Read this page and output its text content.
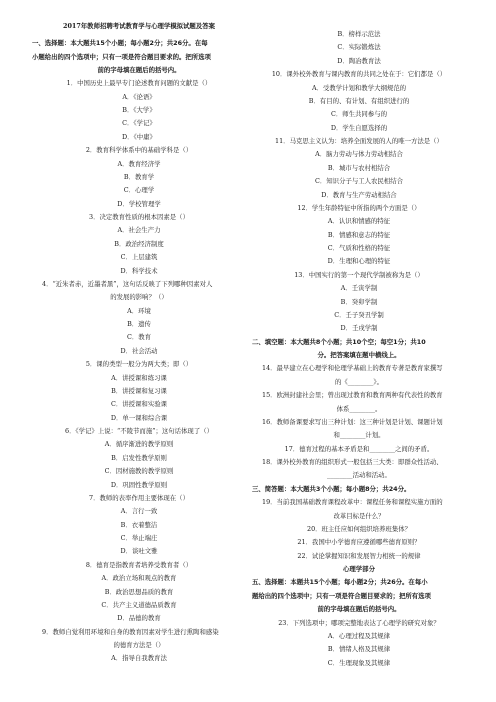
2017年教师招聘考试教育学与心理学模拟试题及答案
一、选择题：本大题共15个小题；每小题2分；共26分。在每
小题给出的四个选项中；只有一项是符合题目要求的。把所选项
前的字母填在题后的括号内。
1．中国历史上最早专门论述教育问题的文献是（）
A．《论语》
B．《大学》
C．《学记》
D．《中庸》
2．教育科学体系中的基础学科是（）
A．教育经济学
B．教育学
C．心理学
D．学校管理学
3．决定教育性质的根本因素是（）
A．社会生产力
B．政治经济制度
C．上层建筑
D．科学技术
4．“近朱者赤，近墨者黑”，这句话反映了下列哪种因素对人
的发展的影响？（）
A．环境
B．遗传
C．教育
D．社会活动
5．课的类型一般分为两大类；即（）
A．讲授课和练习课
B．讲授课和复习课
C．讲授课和实验课
D．单一课和综合课
6．《学记》上说：“不陵节而施”；这句话体现了（）
A．循序渐进的教学原则
B．启发性教学原则
C．因材施教的教学原则
D．巩固性教学原则
7．教师的表率作用主要体现在（）
A．言行一致
B．衣着整洁
C．举止端庄
D．谈吐文雅
8．德育是指教育者培养受教育者（）
A．政治立场和观点的教育
B．政治思想品质的教育
C．共产主义道德品质教育
D．品德的教育
9．教师自觉利用环境和自身的教育因素对学生进行熏陶和感染
的德育方法是（）
A．指导自我教育法
B．榜样示范法
C．实际锻炼法
D．陶冶教育法
10．课外校外教育与课内教育的共同之处在于：它们都是（）
A．受教学计划和教学大纲规范的
B．有目的、有计划、有组织进行的
C．师生共同参与的
D．学生自愿选择的
11．马克思主义认为：培养全面发展的人的唯一方法是（）
A．脑力劳动与体力劳动相结合
B．城市与农村相结合
C．知识分子与工人农民相结合
D．教育与生产劳动相结合
12．学生年龄特征中所指的两个方面是（）
A．认识和情感的特征
B．情感和意志的特征
C．气质和性格的特征
D．生理和心理的特征
13．中国实行的第一个现代学制被称为是（）
A．壬寅学制
B．癸卯学制
C．壬子癸丑学制
D．壬戌学制
二、填空题：本大题共8个小题；共10个空；每空1分；共10
分。把答案填在题中横线上。
14．最早建立在心理学和伦理学基础上的教育专著是教育家撰写
的《________》。
15．欧洲封建社会里；曾出现过教育和教育两种有代表性的教育
体系________。
16．教师备课要求写出三种计划：这三种计划是计划、课题计划
和________计划。
17．德育过程的基本矛盾是和________之间的矛盾。
18．课外校外教育的组织形式一般包括三大类：即群众性活动、
________活动和活动。
三、简答题：本大题共3个小题；每小题8分；共24分。
19．当前我国基础教育课程改革中：课程任务和课程实施方面的
改革目标是什么？
20．班主任应如何组织培养班集体？
21．我国中小学德育应遵循哪些德育原则？
22．试论掌握知识和发展智力相统一的规律
心理学部分
五、选择题：本题共15个小题；每小题2分；共26分。在每小
题给出的四个选项中；只有一项是符合题目要求的；把所有选项
前的字母填在题后的括号内。
23．下列选项中；哪项完整地表达了心理学的研究对象？
A．心理过程及其规律
B．情绪人格及其规律
C．生理现象及其规律
